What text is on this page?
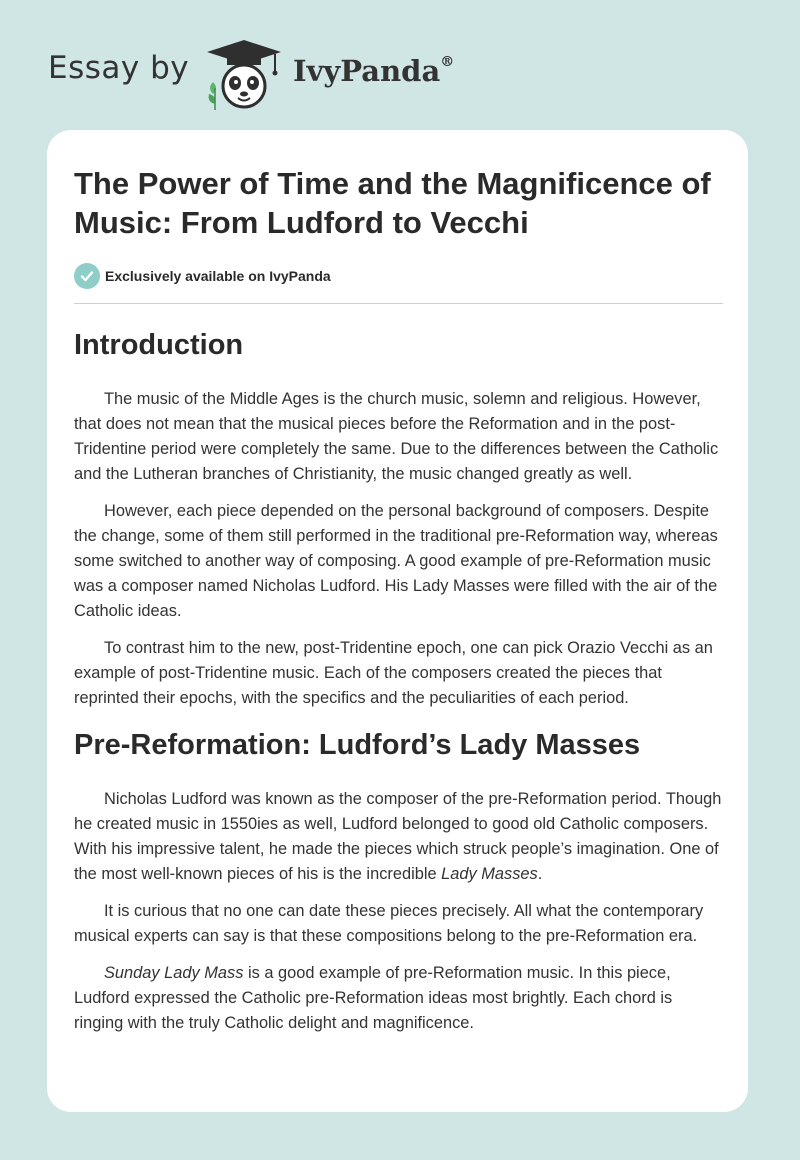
Essay by	IvyPanda®
The Power of Time and the Magnificence of Music: From Ludford to Vecchi
Exclusively available on IvyPanda
Introduction

The music of the Middle Ages is the church music, solemn and religious. However, that does not mean that the musical pieces before the Reformation and in the post-Tridentine period were completely the same. Due to the differences between the Catholic and the Lutheran branches of Christianity, the music changed greatly as well.

However, each piece depended on the personal background of composers. Despite the change, some of them still performed in the traditional pre-Reformation way, whereas some switched to another way of composing. A good example of pre-Reformation music was a composer named Nicholas Ludford. His Lady Masses were filled with the air of the Catholic ideas.

To contrast him to the new, post-Tridentine epoch, one can pick Orazio Vecchi as an example of post-Tridentine music. Each of the composers created the pieces that reprinted their epochs, with the specifics and the peculiarities of each period.

Pre-Reformation: Ludford’s Lady Masses

Nicholas Ludford was known as the composer of the pre-Reformation period. Though he created music in 1550ies as well, Ludford belonged to good old Catholic composers. With his impressive talent, he made the pieces which struck people’s imagination. One of the most well-known pieces of his is the incredible Lady Masses.

It is curious that no one can date these pieces precisely. All what the contemporary musical experts can say is that these compositions belong to the pre-Reformation era.

Sunday Lady Mass is a good example of pre-Reformation music. In this piece, Ludford expressed the Catholic pre-Reformation ideas most brightly. Each chord is ringing with the truly Catholic delight and magnificence.
